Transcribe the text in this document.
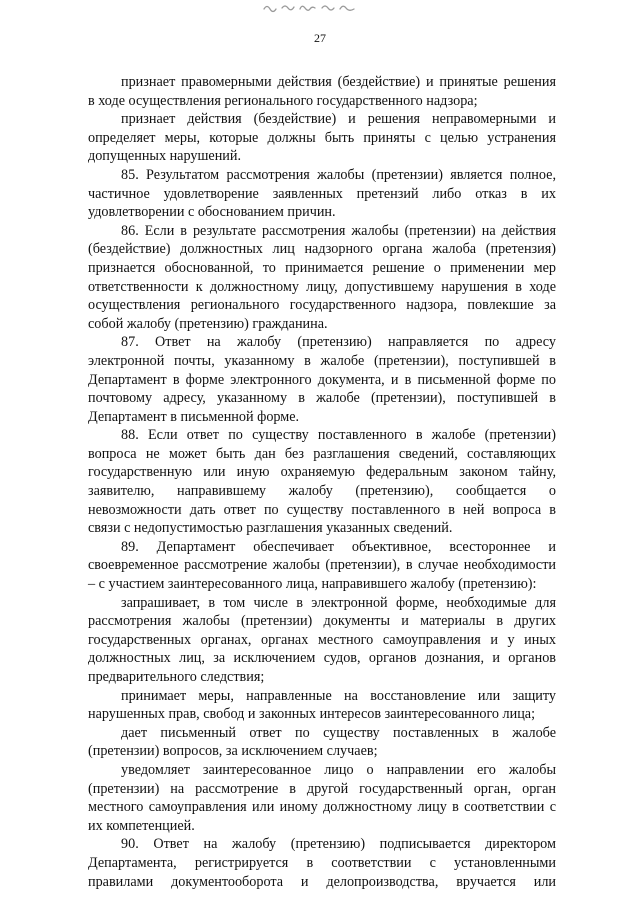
27
признает правомерными действия (бездействие) и принятые решения
в ходе осуществления регионального государственного надзора;
признает действия (бездействие) и решения неправомерными и
определяет меры, которые должны быть приняты с целью устранения
допущенных нарушений.
85. Результатом рассмотрения жалобы (претензии) является полное,
частичное удовлетворение заявленных претензий либо отказ в их
удовлетворении с обоснованием причин.
86. Если в результате рассмотрения жалобы (претензии) на действия
(бездействие) должностных лиц надзорного органа жалоба (претензия)
признается обоснованной, то принимается решение о применении мер
ответственности к должностному лицу, допустившему нарушения в ходе
осуществления регионального государственного надзора, повлекшие за
собой жалобу (претензию) гражданина.
87. Ответ на жалобу (претензию) направляется по адресу
электронной почты, указанному в жалобе (претензии), поступившей в
Департамент в форме электронного документа, и в письменной форме по
почтовому адресу, указанному в жалобе (претензии), поступившей в
Департамент в письменной форме.
88. Если ответ по существу поставленного в жалобе (претензии)
вопроса не может быть дан без разглашения сведений, составляющих
государственную или иную охраняемую федеральным законом тайну,
заявителю, направившему жалобу (претензию), сообщается о
невозможности дать ответ по существу поставленного в ней вопроса в
связи с недопустимостью разглашения указанных сведений.
89. Департамент обеспечивает объективное, всестороннее и
своевременное рассмотрение жалобы (претензии), в случае необходимости
– с участием заинтересованного лица, направившего жалобу (претензию):
запрашивает, в том числе в электронной форме, необходимые для
рассмотрения жалобы (претензии) документы и материалы в других
государственных органах, органах местного самоуправления и у иных
должностных лиц, за исключением судов, органов дознания, и органов
предварительного следствия;
принимает меры, направленные на восстановление или защиту
нарушенных прав, свобод и законных интересов заинтересованного лица;
дает письменный ответ по существу поставленных в жалобе
(претензии) вопросов, за исключением случаев;
уведомляет заинтересованное лицо о направлении его жалобы
(претензии) на рассмотрение в другой государственный орган, орган
местного самоуправления или иному должностному лицу в соответствии с
их компетенцией.
90. Ответ на жалобу (претензию) подписывается директором
Департамента, регистрируется в соответствии с установленными
правилами документооборота и делопроизводства, вручается или
